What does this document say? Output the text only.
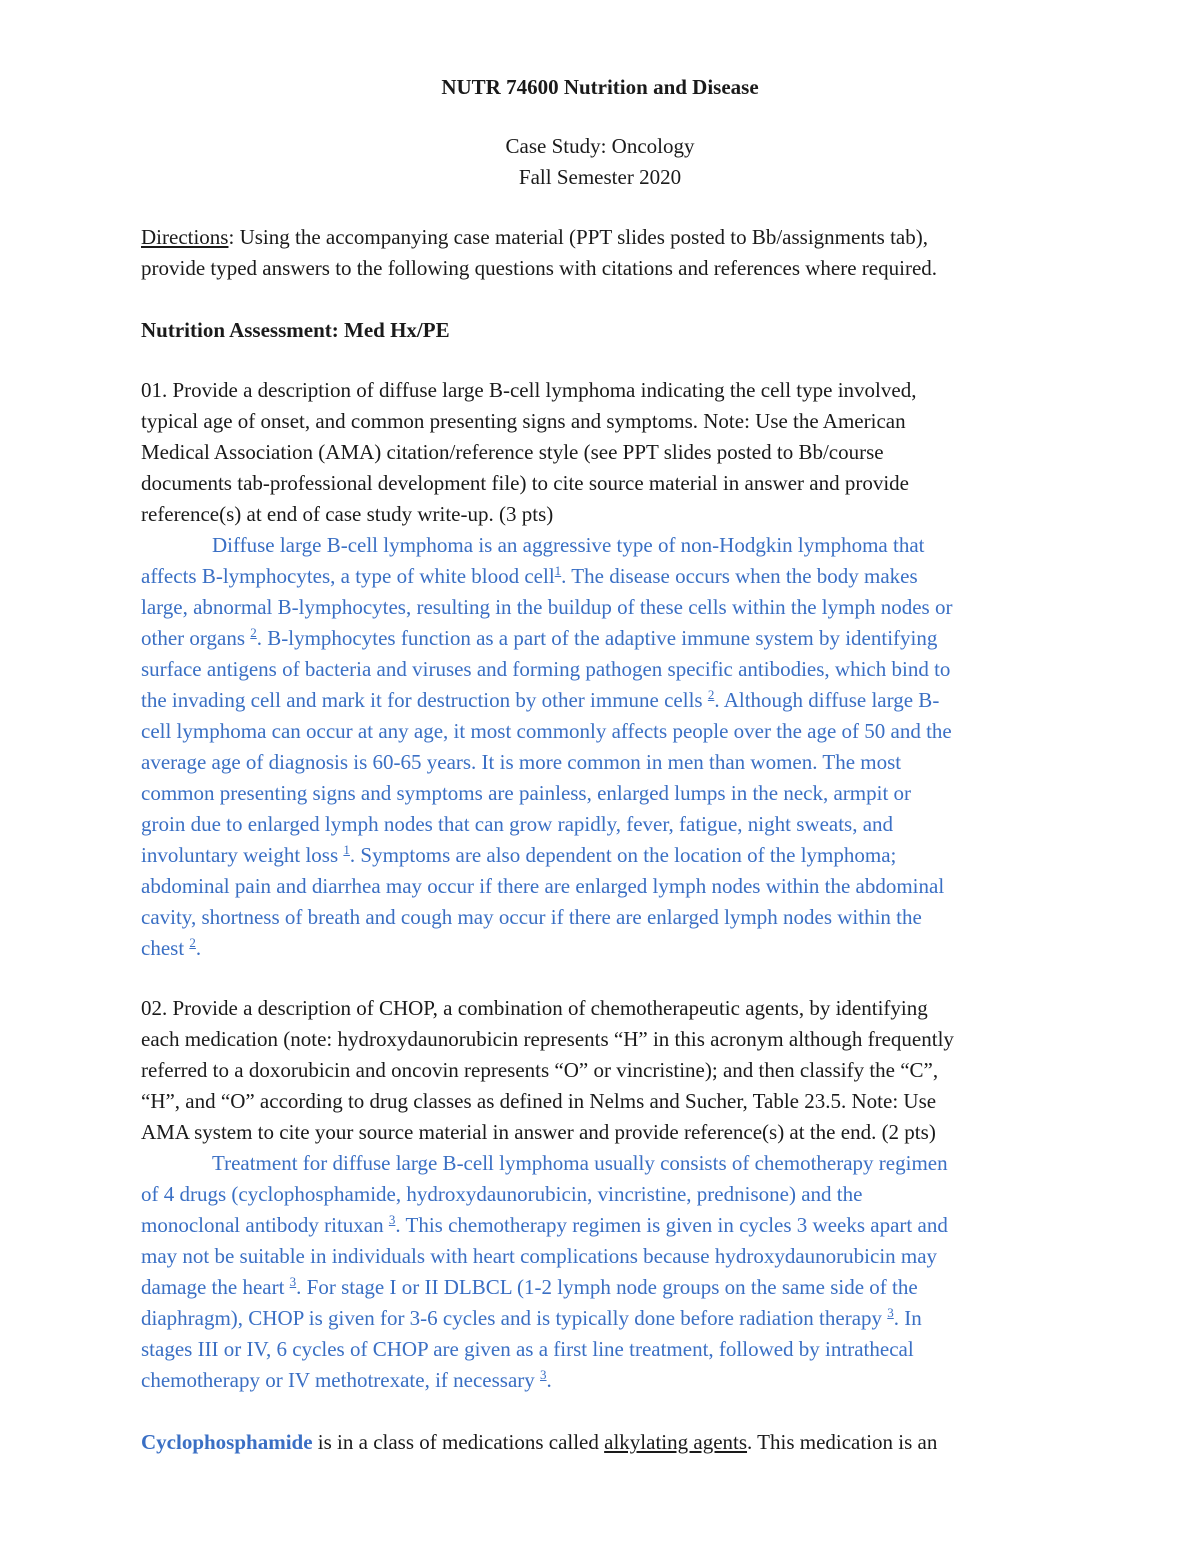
NUTR 74600 Nutrition and Disease
Case Study: Oncology
Fall Semester 2020
Directions: Using the accompanying case material (PPT slides posted to Bb/assignments tab),
provide typed answers to the following questions with citations and references where required.
Nutrition Assessment: Med Hx/PE
01. Provide a description of diffuse large B-cell lymphoma indicating the cell type involved,
typical age of onset, and common presenting signs and symptoms. Note: Use the American
Medical Association (AMA) citation/reference style (see PPT slides posted to Bb/course
documents tab-professional development file) to cite source material in answer and provide
reference(s) at end of case study write-up. (3 pts)
Diffuse large B-cell lymphoma is an aggressive type of non-Hodgkin lymphoma that
affects B-lymphocytes, a type of white blood cell$^1$. The disease occurs when the body makes
large, abnormal B-lymphocytes, resulting in the buildup of these cells within the lymph nodes or
other organs $^2$. B-lymphocytes function as a part of the adaptive immune system by identifying
surface antigens of bacteria and viruses and forming pathogen specific antibodies, which bind to
the invading cell and mark it for destruction by other immune cells $^2$. Although diffuse large B-
cell lymphoma can occur at any age, it most commonly affects people over the age of 50 and the
average age of diagnosis is 60-65 years. It is more common in men than women. The most
common presenting signs and symptoms are painless, enlarged lumps in the neck, armpit or
groin due to enlarged lymph nodes that can grow rapidly, fever, fatigue, night sweats, and
involuntary weight loss $^1$. Symptoms are also dependent on the location of the lymphoma;
abdominal pain and diarrhea may occur if there are enlarged lymph nodes within the abdominal
cavity, shortness of breath and cough may occur if there are enlarged lymph nodes within the
chest $^2$.
02. Provide a description of CHOP, a combination of chemotherapeutic agents, by identifying
each medication (note: hydroxydaunorubicin represents “H” in this acronym although frequently
referred to a doxorubicin and oncovin represents “O” or vincristine); and then classify the “C”,
“H”, and “O” according to drug classes as defined in Nelms and Sucher, Table 23.5. Note: Use
AMA system to cite your source material in answer and provide reference(s) at the end. (2 pts)
Treatment for diffuse large B-cell lymphoma usually consists of chemotherapy regimen
of 4 drugs (cyclophosphamide, hydroxydaunorubicin, vincristine, prednisone) and the
monoclonal antibody rituxan $^3$. This chemotherapy regimen is given in cycles 3 weeks apart and
may not be suitable in individuals with heart complications because hydroxydaunorubicin may
damage the heart $^3$. For stage I or II DLBCL (1-2 lymph node groups on the same side of the
diaphragm), CHOP is given for 3-6 cycles and is typically done before radiation therapy $^3$. In
stages III or IV, 6 cycles of CHOP are given as a first line treatment, followed by intrathecal
chemotherapy or IV methotrexate, if necessary $^3$.
Cyclophosphamide is in a class of medications called alkylating agents. This medication is an
